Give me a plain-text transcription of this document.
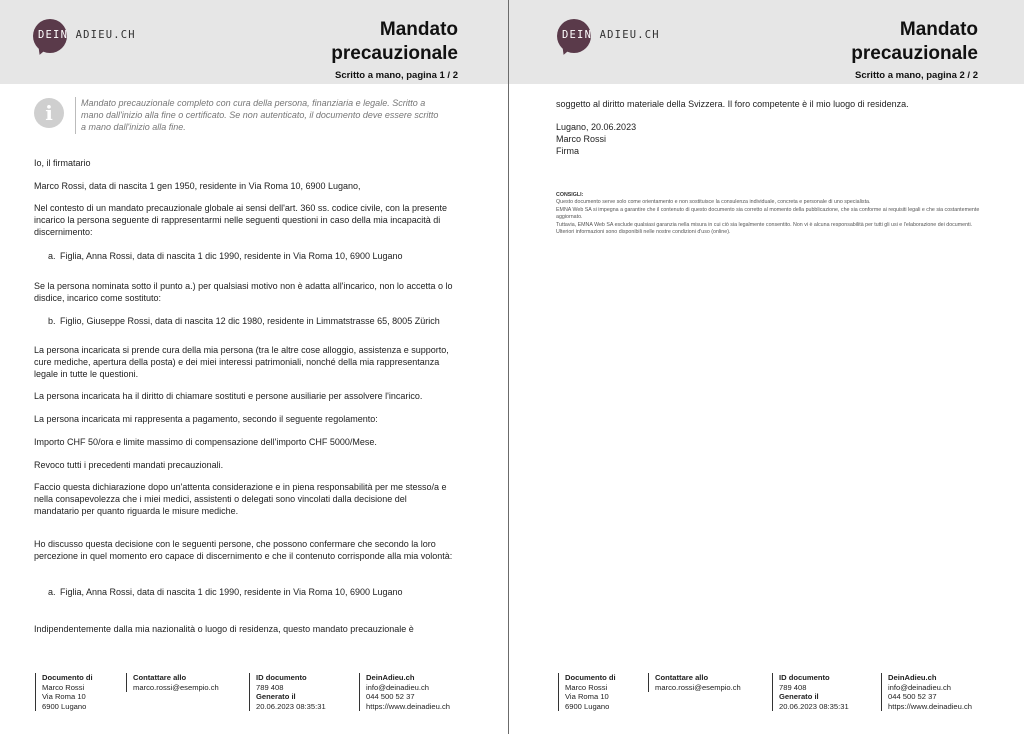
DEIN ADIEU.CH	Mandato
precauzionale
Scritto a mano, pagina 1 / 2
i	Mandato precauzionale completo con cura della persona, finanziaria e legale. Scritto a mano dall'inizio alla fine o certificato. Se non autenticato, il documento deve essere scritto a mano dall'inizio alla fine.
Io, il firmatario
Marco Rossi, data di nascita 1 gen 1950, residente in Via Roma 10, 6900 Lugano,
Nel contesto di un mandato precauzionale globale ai sensi dell'art. 360 ss. codice civile, con la presente incarico la persona seguente di rappresentarmi nelle seguenti questioni in caso della mia incapacità di discernimento:
a. Figlia, Anna Rossi, data di nascita 1 dic 1990, residente in Via Roma 10, 6900 Lugano
Se la persona nominata sotto il punto a.) per qualsiasi motivo non è adatta all'incarico, non lo accetta o lo disdice, incarico come sostituto:
b. Figlio, Giuseppe Rossi, data di nascita 12 dic 1980, residente in Limmatstrasse 65, 8005 Zürich
La persona incaricata si prende cura della mia persona (tra le altre cose alloggio, assistenza e supporto, cure mediche, apertura della posta) e dei miei interessi patrimoniali, nonché della mia rappresentanza legale in tutte le questioni.
La persona incaricata ha il diritto di chiamare sostituti e persone ausiliarie per assolvere l'incarico.
La persona incaricata mi rappresenta a pagamento, secondo il seguente regolamento:
Importo CHF 50/ora e limite massimo di compensazione dell'importo CHF 5000/Mese.
Revoco tutti i precedenti mandati precauzionali.
Faccio questa dichiarazione dopo un'attenta considerazione e in piena responsabilità per me stesso/a e nella consapevolezza che i miei medici, assistenti o delegati sono vincolati dalla decisione del mandatario per quanto riguarda le misure mediche.
Ho discusso questa decisione con le seguenti persone, che possono confermare che secondo la loro percezione in quel momento ero capace di discernimento e che il contenuto corrisponde alla mia volontà:
a. Figlia, Anna Rossi, data di nascita 1 dic 1990, residente in Via Roma 10, 6900 Lugano
Indipendentemente dalla mia nazionalità o luogo di residenza, questo mandato precauzionale è
Documento di
Marco Rossi
Via Roma 10
6900 Lugano
Contattare allo
marco.rossi@esempio.ch
ID documento
789 408
Generato il
20.06.2023 08:35:31
DeinAdieu.ch
info@deinadieu.ch
044 500 52 37
https://www.deinadieu.ch
DEIN ADIEU.CH	Mandato
precauzionale
Scritto a mano, pagina 2 / 2
soggetto al diritto materiale della Svizzera. Il foro competente è il mio luogo di residenza.
Lugano, 20.06.2023
Marco Rossi
Firma
CONSIGLI:
Questo documento serve solo come orientamento e non sostituisce la consulenza individuale, concreta e personale di uno specialista.
EMNA Web SA si impegna a garantire che il contenuto di questo documento sia corretto al momento della pubblicazione, che sia conforme ai requisiti legali e che sia costantemente aggiornato.
Tuttavia, EMNA Web SA esclude qualsiasi garanzia nella misura in cui ciò sia legalmente consentito. Non vi è alcuna responsabilità per tutti gli usi e l'elaborazione dei documenti. Ulteriori informazioni sono disponibili nelle nostre condizioni d'uso (online).
Documento di
Marco Rossi
Via Roma 10
6900 Lugano
Contattare allo
marco.rossi@esempio.ch
ID documento
789 408
Generato il
20.06.2023 08:35:31
DeinAdieu.ch
info@deinadieu.ch
044 500 52 37
https://www.deinadieu.ch
